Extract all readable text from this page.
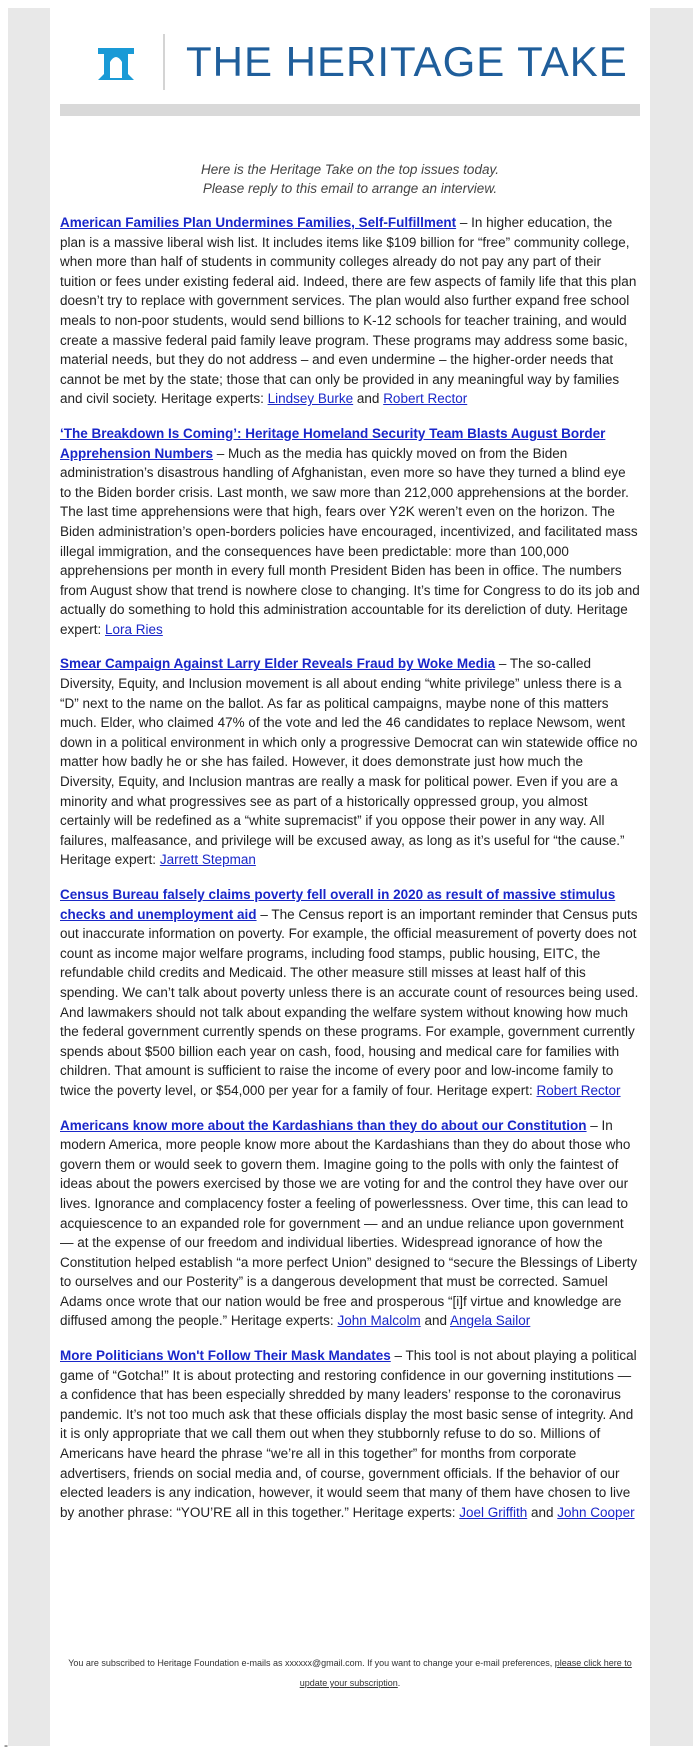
THE HERITAGE TAKE
Here is the Heritage Take on the top issues today.
Please reply to this email to arrange an interview.

American Families Plan Undermines Families, Self-Fulfillment – In higher education, the plan is a massive liberal wish list. It includes items like $109 billion for “free” community college, when more than half of students in community colleges already do not pay any part of their tuition or fees under existing federal aid. Indeed, there are few aspects of family life that this plan doesn’t try to replace with government services. The plan would also further expand free school meals to non-poor students, would send billions to K-12 schools for teacher training, and would create a massive federal paid family leave program. These programs may address some basic, material needs, but they do not address – and even undermine – the higher-order needs that cannot be met by the state; those that can only be provided in any meaningful way by families and civil society. Heritage experts: Lindsey Burke and Robert Rector

‘The Breakdown Is Coming’: Heritage Homeland Security Team Blasts August Border Apprehension Numbers – Much as the media has quickly moved on from the Biden administration’s disastrous handling of Afghanistan, even more so have they turned a blind eye to the Biden border crisis. Last month, we saw more than 212,000 apprehensions at the border. The last time apprehensions were that high, fears over Y2K weren’t even on the horizon. The Biden administration’s open-borders policies have encouraged, incentivized, and facilitated mass illegal immigration, and the consequences have been predictable: more than 100,000 apprehensions per month in every full month President Biden has been in office. The numbers from August show that trend is nowhere close to changing. It’s time for Congress to do its job and actually do something to hold this administration accountable for its dereliction of duty. Heritage expert: Lora Ries

Smear Campaign Against Larry Elder Reveals Fraud by Woke Media – The so-called Diversity, Equity, and Inclusion movement is all about ending “white privilege” unless there is a “D” next to the name on the ballot. As far as political campaigns, maybe none of this matters much. Elder, who claimed 47% of the vote and led the 46 candidates to replace Newsom, went down in a political environment in which only a progressive Democrat can win statewide office no matter how badly he or she has failed. However, it does demonstrate just how much the Diversity, Equity, and Inclusion mantras are really a mask for political power. Even if you are a minority and what progressives see as part of a historically oppressed group, you almost certainly will be redefined as a “white supremacist” if you oppose their power in any way. All failures, malfeasance, and privilege will be excused away, as long as it’s useful for “the cause.” Heritage expert: Jarrett Stepman

Census Bureau falsely claims poverty fell overall in 2020 as result of massive stimulus checks and unemployment aid – The Census report is an important reminder that Census puts out inaccurate information on poverty. For example, the official measurement of poverty does not count as income major welfare programs, including food stamps, public housing, EITC, the refundable child credits and Medicaid. The other measure still misses at least half of this spending. We can’t talk about poverty unless there is an accurate count of resources being used. And lawmakers should not talk about expanding the welfare system without knowing how much the federal government currently spends on these programs. For example, government currently spends about $500 billion each year on cash, food, housing and medical care for families with children. That amount is sufficient to raise the income of every poor and low-income family to twice the poverty level, or $54,000 per year for a family of four. Heritage expert: Robert Rector

Americans know more about the Kardashians than they do about our Constitution – In modern America, more people know more about the Kardashians than they do about those who govern them or would seek to govern them. Imagine going to the polls with only the faintest of ideas about the powers exercised by those we are voting for and the control they have over our lives. Ignorance and complacency foster a feeling of powerlessness. Over time, this can lead to acquiescence to an expanded role for government — and an undue reliance upon government — at the expense of our freedom and individual liberties. Widespread ignorance of how the Constitution helped establish “a more perfect Union” designed to “secure the Blessings of Liberty to ourselves and our Posterity” is a dangerous development that must be corrected. Samuel Adams once wrote that our nation would be free and prosperous “[i]f virtue and knowledge are diffused among the people.” Heritage experts: John Malcolm and Angela Sailor

More Politicians Won't Follow Their Mask Mandates – This tool is not about playing a political game of “Gotcha!” It is about protecting and restoring confidence in our governing institutions — a confidence that has been especially shredded by many leaders’ response to the coronavirus pandemic. It’s not too much ask that these officials display the most basic sense of integrity. And it is only appropriate that we call them out when they stubbornly refuse to do so. Millions of Americans have heard the phrase “we’re all in this together” for months from corporate advertisers, friends on social media and, of course, government officials. If the behavior of our elected leaders is any indication, however, it would seem that many of them have chosen to live by another phrase: “YOU’RE all in this together.” Heritage experts: Joel Griffith and John Cooper

You are subscribed to Heritage Foundation e-mails as xxxxxx@gmail.com. If you want to change your e-mail preferences, please click here to update your subscription.
-
